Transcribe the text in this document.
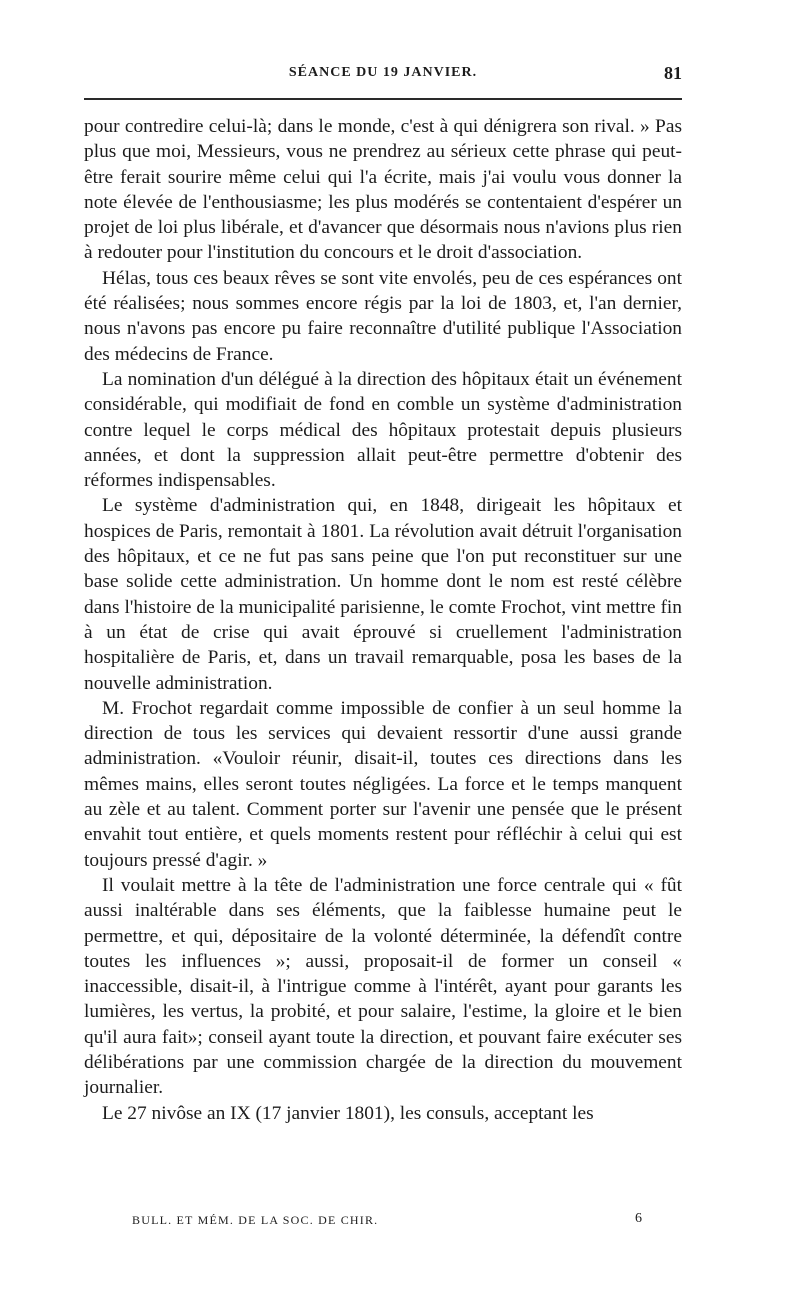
SÉANCE DU 19 JANVIER.	81

pour contredire celui-là; dans le monde, c'est à qui dénigrera son rival. » Pas plus que moi, Messieurs, vous ne prendrez au sérieux cette phrase qui peut-être ferait sourire même celui qui l'a écrite, mais j'ai voulu vous donner la note élevée de l'enthousiasme; les plus modérés se contentaient d'espérer un projet de loi plus libérale, et d'avancer que désormais nous n'avions plus rien à redouter pour l'institution du concours et le droit d'association.

Hélas, tous ces beaux rêves se sont vite envolés, peu de ces espérances ont été réalisées; nous sommes encore régis par la loi de 1803, et, l'an dernier, nous n'avons pas encore pu faire reconnaître d'utilité publique l'Association des médecins de France.

La nomination d'un délégué à la direction des hôpitaux était un événement considérable, qui modifiait de fond en comble un système d'administration contre lequel le corps médical des hôpitaux protestait depuis plusieurs années, et dont la suppression allait peut-être permettre d'obtenir des réformes indispensables.

Le système d'administration qui, en 1848, dirigeait les hôpitaux et hospices de Paris, remontait à 1801. La révolution avait détruit l'organisation des hôpitaux, et ce ne fut pas sans peine que l'on put reconstituer sur une base solide cette administration. Un homme dont le nom est resté célèbre dans l'histoire de la municipalité parisienne, le comte Frochot, vint mettre fin à un état de crise qui avait éprouvé si cruellement l'administration hospitalière de Paris, et, dans un travail remarquable, posa les bases de la nouvelle administration.

M. Frochot regardait comme impossible de confier à un seul homme la direction de tous les services qui devaient ressortir d'une aussi grande administration. «Vouloir réunir, disait-il, toutes ces directions dans les mêmes mains, elles seront toutes négligées. La force et le temps manquent au zèle et au talent. Comment porter sur l'avenir une pensée que le présent envahit tout entière, et quels moments restent pour réfléchir à celui qui est toujours pressé d'agir. »

Il voulait mettre à la tête de l'administration une force centrale qui « fût aussi inaltérable dans ses éléments, que la faiblesse humaine peut le permettre, et qui, dépositaire de la volonté déterminée, la défendît contre toutes les influences »; aussi, proposait-il de former un conseil « inaccessible, disait-il, à l'intrigue comme à l'intérêt, ayant pour garants les lumières, les vertus, la probité, et pour salaire, l'estime, la gloire et le bien qu'il aura fait»; conseil ayant toute la direction, et pouvant faire exécuter ses délibérations par une commission chargée de la direction du mouvement journalier.

Le 27 nivôse an IX (17 janvier 1801), les consuls, acceptant les

BULL. ET MÉM. DE LA SOC. DE CHIR.	6
